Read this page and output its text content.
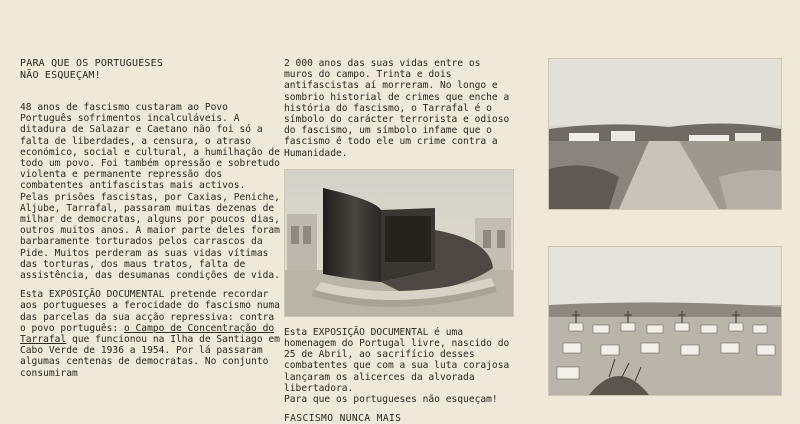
PARA QUE OS PORTUGUESES
NÃO ESQUEÇAM!

48 anos de fascismo custaram ao Povo Português sofrimentos incalculáveis. A ditadura de Salazar e Caetano não foi só a falta de liberdades, a censura, o atraso económico, social e cultural, a humilhação de todo um povo. Foi também opressão e sobretudo violenta e permanente repressão dos combatentes antifascistas mais activos.

Pelas prisões fascistas, por Caxias, Peniche, Aljube, Tarrafal, passaram muitas dezenas de milhar de democratas, alguns por poucos dias, outros muitos anos. A maior parte deles foram barbaramente torturados pelos carrascos da Pide. Muitos perderam as suas vidas vítimas das torturas, dos maus tratos, falta de assistência, das desumanas condições de vida.

Esta EXPOSIÇÃO DOCUMENTAL pretende recordar aos portugueses a ferocidade do fascismo numa das parcelas da sua acção repressiva: contra o povo português: o Campo de Concentração do Tarrafal que funcionou na Ilha de Santiago em Cabo Verde de 1936 a 1954. Por lá passaram algumas centenas de democratas. No conjunto consumiram

2 000 anos das suas vidas entre os muros do campo. Trinta e dois antifascistas aí morreram. No longo e sombrio historial de crimes que enche a história do fascismo, o Tarrafal é o símbolo do carácter terrorista e odioso do fascismo, um símbolo infame que o fascismo é todo ele um crime contra a Humanidade.

Esta EXPOSIÇÃO DOCUMENTAL é uma homenagem do Portugal livre, nascido do 25 de Abril, ao sacrifício desses combatentes que com a sua luta corajosa lançaram os alicerces da alvorada libertadora.

Para que os portugueses não esqueçam!

FASCISMO NUNCA MAIS
